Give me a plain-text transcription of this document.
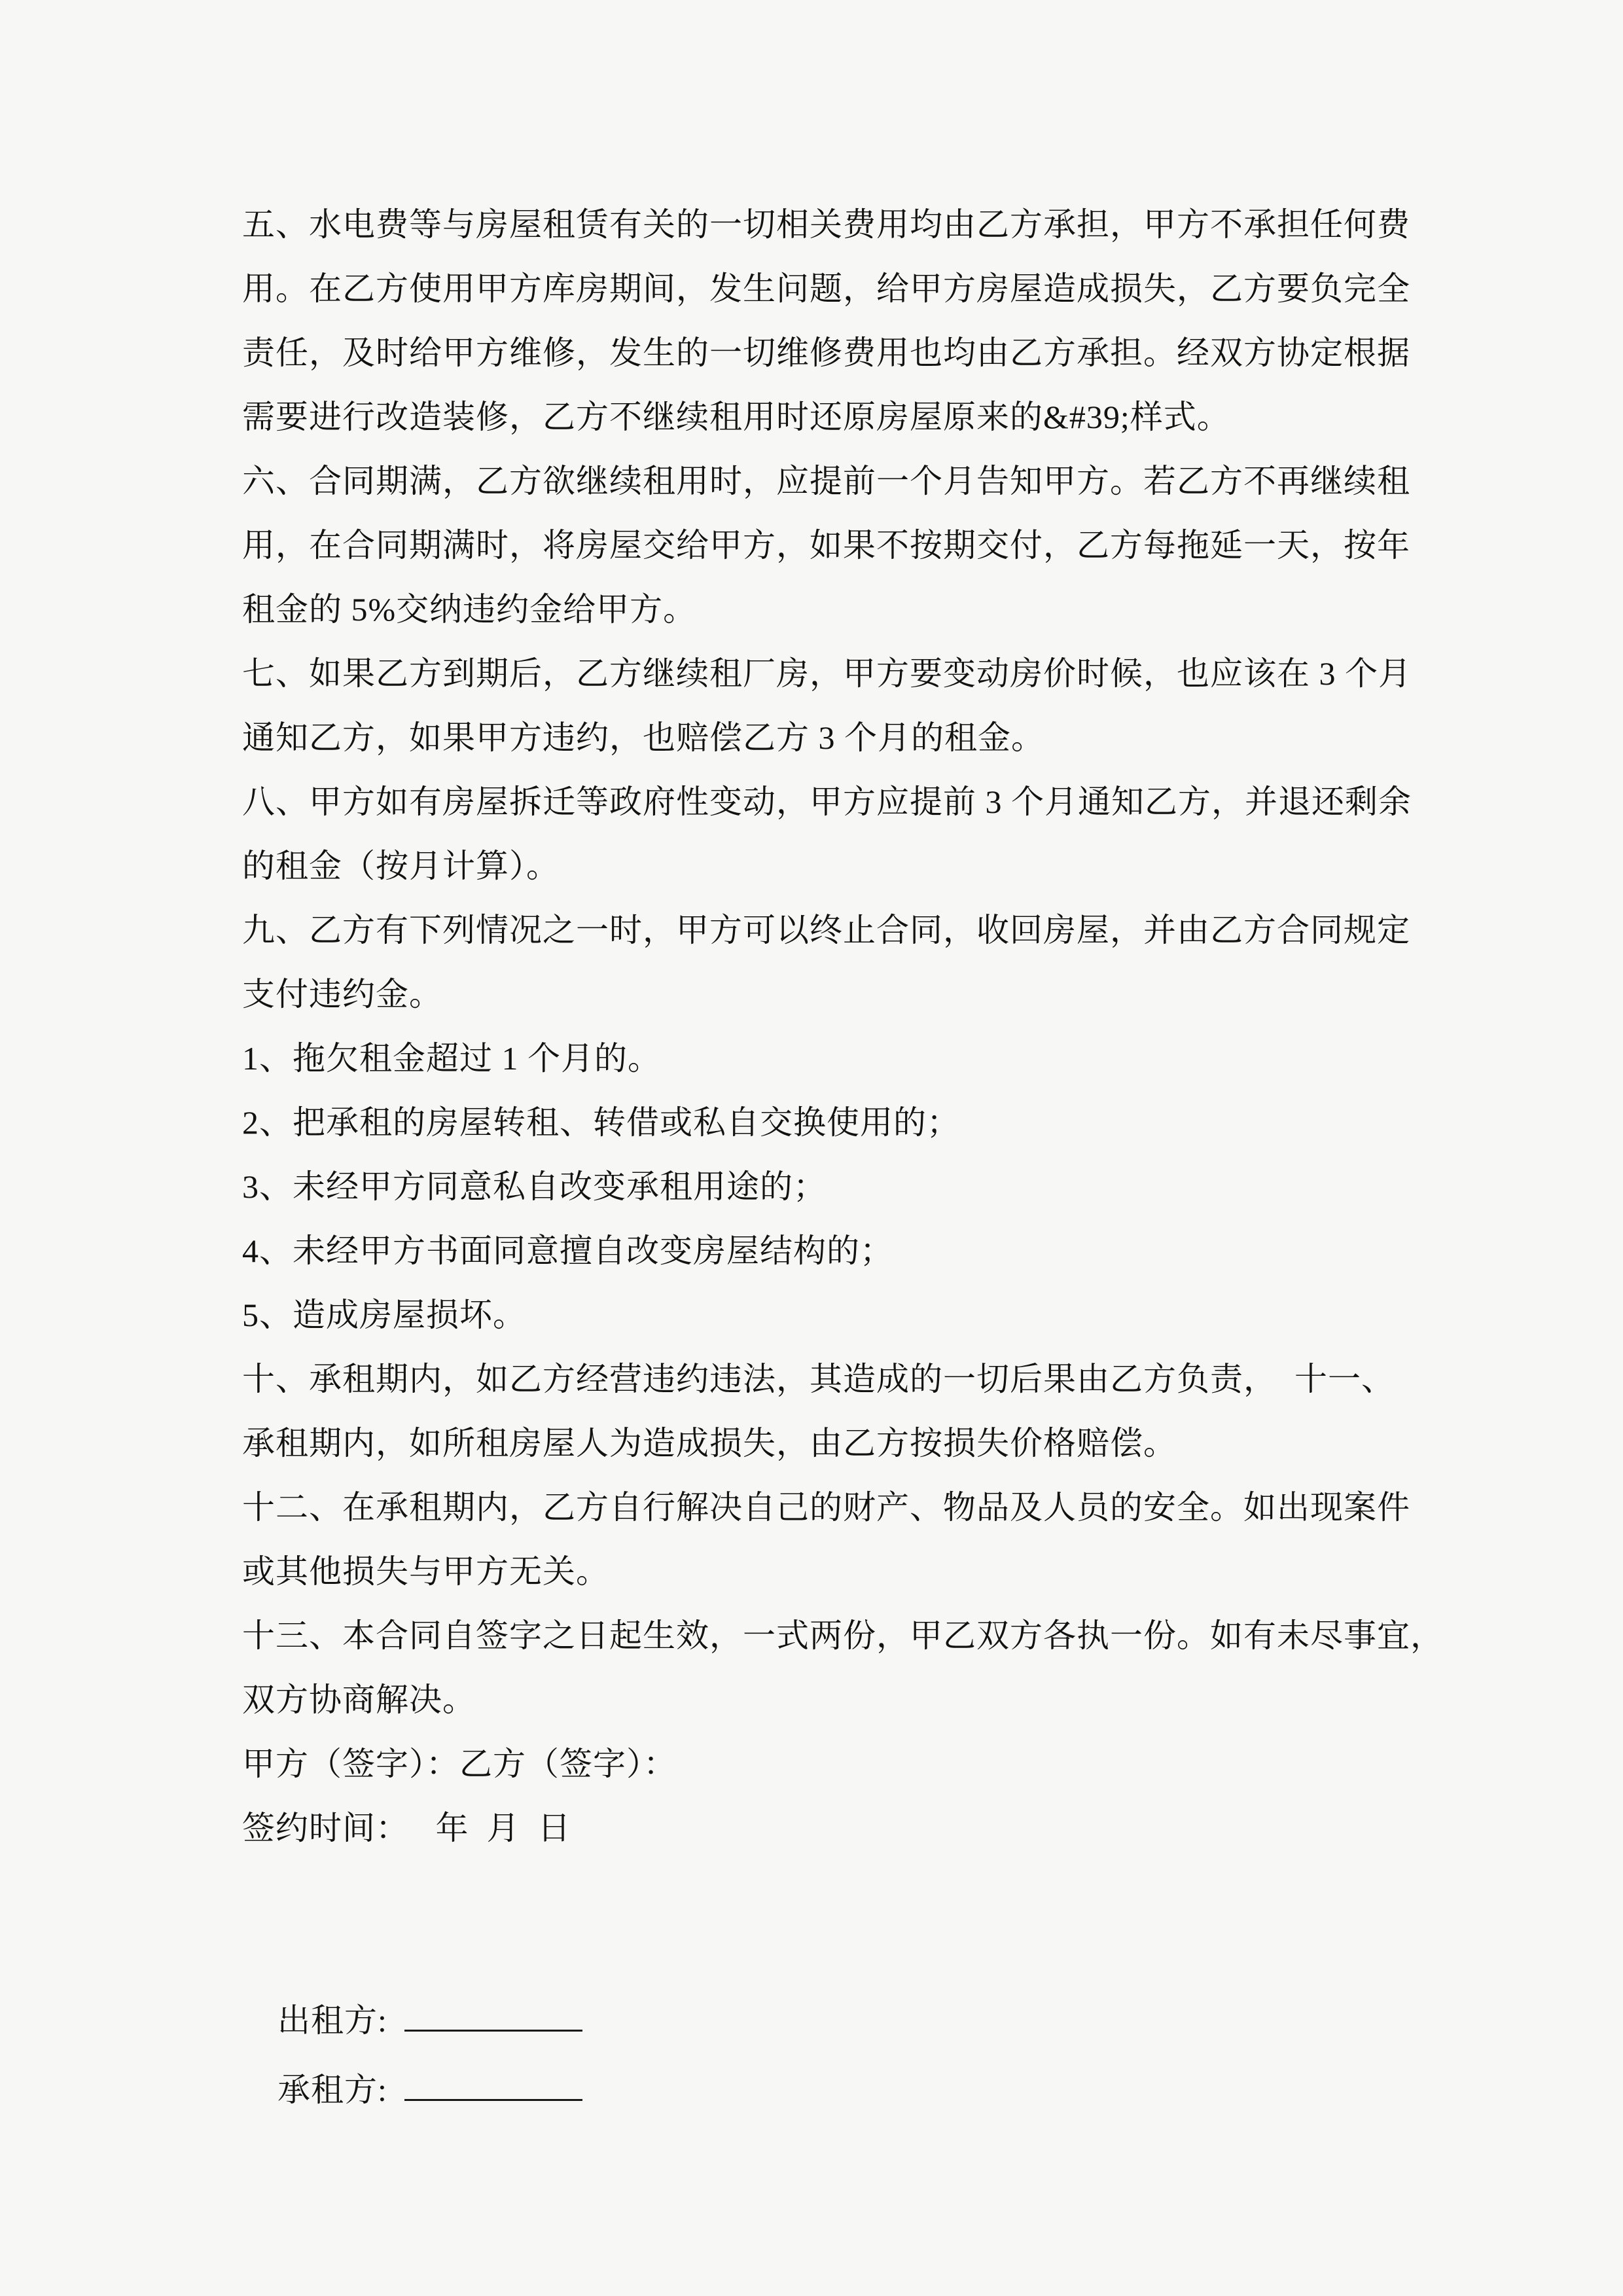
五、水电费等与房屋租赁有关的一切相关费用均由乙方承担，甲方不承担任何费
用。在乙方使用甲方库房期间，发生问题，给甲方房屋造成损失，乙方要负完全
责任，及时给甲方维修，发生的一切维修费用也均由乙方承担。经双方协定根据
需要进行改造装修，乙方不继续租用时还原房屋原来的&#39;样式。
六、合同期满，乙方欲继续租用时，应提前一个月告知甲方。若乙方不再继续租
用，在合同期满时，将房屋交给甲方，如果不按期交付，乙方每拖延一天，按年
租金的 5%交纳违约金给甲方。
七、如果乙方到期后，乙方继续租厂房，甲方要变动房价时候，也应该在 3 个月
通知乙方，如果甲方违约，也赔偿乙方 3 个月的租金。
八、甲方如有房屋拆迁等政府性变动，甲方应提前 3 个月通知乙方，并退还剩余
的租金（按月计算）。
九、乙方有下列情况之一时，甲方可以终止合同，收回房屋，并由乙方合同规定
支付违约金。
1、拖欠租金超过 1 个月的。
2、把承租的房屋转租、转借或私自交换使用的；
3、未经甲方同意私自改变承租用途的；
4、未经甲方书面同意擅自改变房屋结构的；
5、造成房屋损坏。
十、承租期内，如乙方经营违约违法，其造成的一切后果由乙方负责，  十一、
承租期内，如所租房屋人为造成损失，由乙方按损失价格赔偿。
十二、在承租期内，乙方自行解决自己的财产、物品及人员的安全。如出现案件
或其他损失与甲方无关。
十三、本合同自签字之日起生效，一式两份，甲乙双方各执一份。如有未尽事宜，
双方协商解决。
甲方（签字）：乙方（签字）：
签约时间：   年  月  日

出租方:

承租方:
